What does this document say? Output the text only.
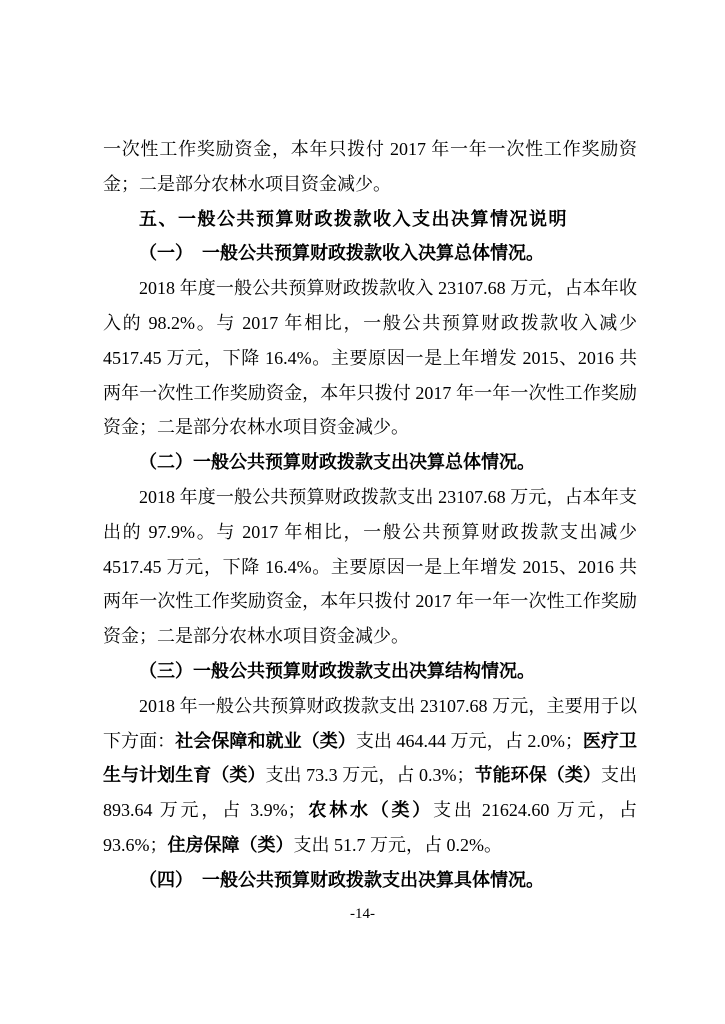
一次性工作奖励资金，本年只拨付 2017 年一年一次性工作奖励资金；二是部分农林水项目资金减少。

五、一般公共预算财政拨款收入支出决算情况说明

（一）　一般公共预算财政拨款收入决算总体情况。

2018 年度一般公共预算财政拨款收入 23107.68 万元，占本年收入的 98.2%。与 2017 年相比，一般公共预算财政拨款收入减少 4517.45 万元，下降 16.4%。主要原因一是上年增发 2015、2016 共两年一次性工作奖励资金，本年只拨付 2017 年一年一次性工作奖励资金；二是部分农林水项目资金减少。

（二）一般公共预算财政拨款支出决算总体情况。

2018 年度一般公共预算财政拨款支出 23107.68 万元，占本年支出的 97.9%。与 2017 年相比，一般公共预算财政拨款支出减少 4517.45 万元，下降 16.4%。主要原因一是上年增发 2015、2016 共两年一次性工作奖励资金，本年只拨付 2017 年一年一次性工作奖励资金；二是部分农林水项目资金减少。

（三）一般公共预算财政拨款支出决算结构情况。

2018 年一般公共预算财政拨款支出 23107.68 万元，主要用于以下方面：社会保障和就业（类）支出 464.44 万元，占 2.0%；医疗卫生与计划生育（类）支出 73.3 万元，占 0.3%；节能环保（类）支出 893.64 万元，占 3.9%；农林水（类）支出 21624.60 万元，占 93.6%；住房保障（类）支出 51.7 万元，占 0.2%。

（四）　一般公共预算财政拨款支出决算具体情况。

-14-
